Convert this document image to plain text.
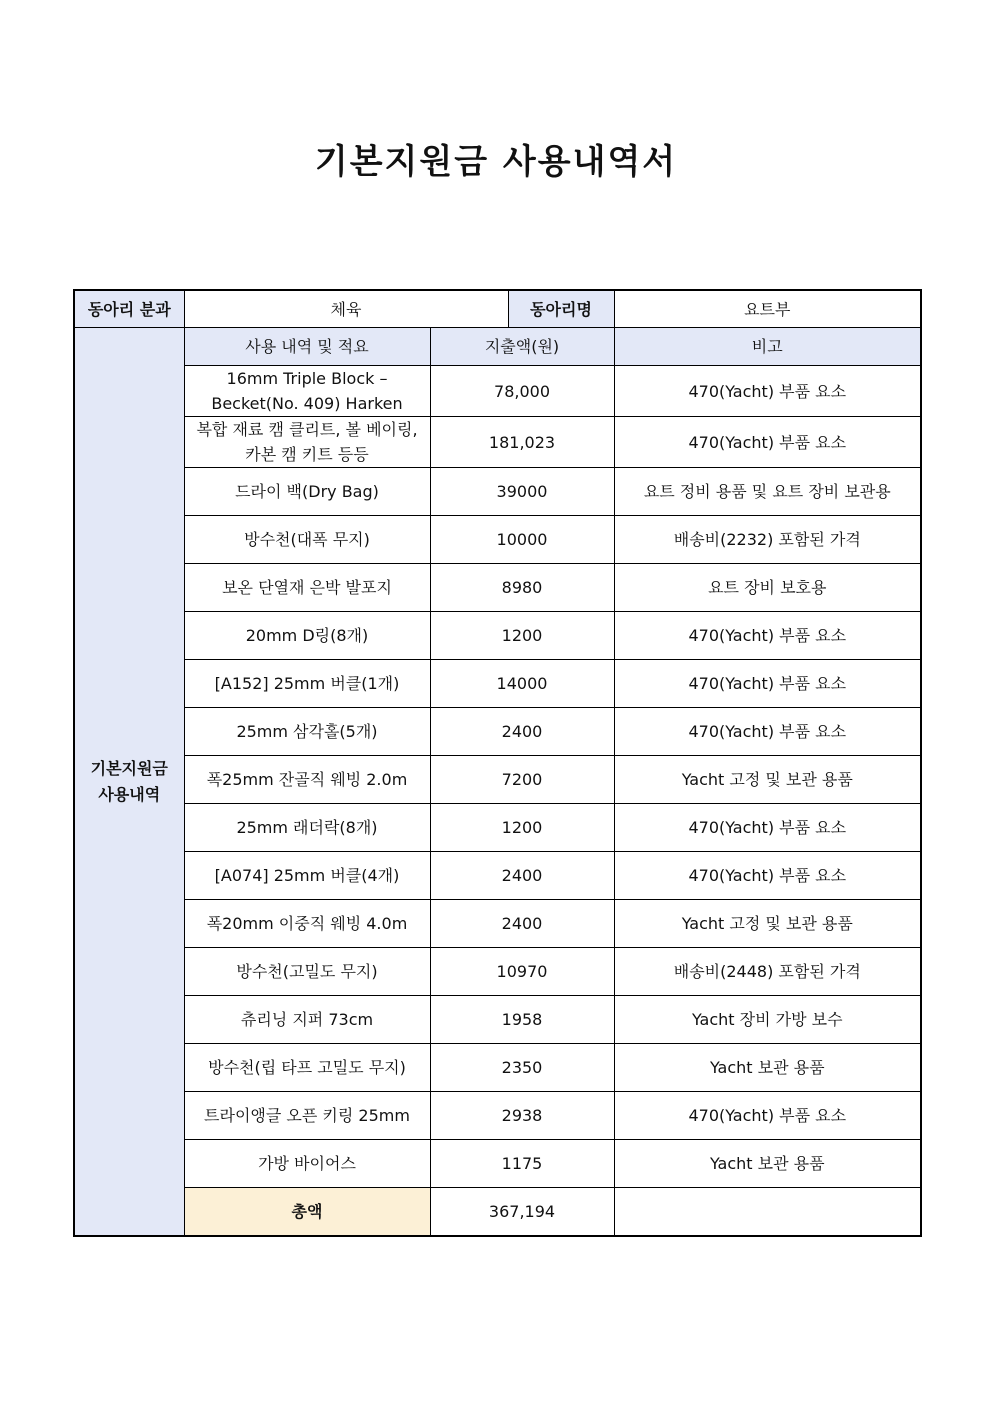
기본지원금 사용내역서
동아리 분과	체육		동아리명	요트부
기본지원금
사용내역	사용 내역 및 적요	지출액(원)		비고
	16mm Triple Block – Becket(No. 409) Harken	78,000		470(Yacht) 부품 요소
	복합 재료 캠 클리트, 볼 베이링, 카본 캠 키트 등등	181,023		470(Yacht) 부품 요소
	드라이 백(Dry Bag)	39000		요트 정비 용품 및 요트 장비 보관용
	방수천(대폭 무지)	10000		배송비(2232) 포함된 가격
	보온 단열재 은박 발포지	8980		요트 장비 보호용
	20mm D링(8개)	1200		470(Yacht) 부품 요소
	[A152] 25mm 버클(1개)	14000		470(Yacht) 부품 요소
	25mm 삼각홀(5개)	2400		470(Yacht) 부품 요소
	폭25mm 잔골직 웨빙 2.0m	7200		Yacht 고정 및 보관 용품
	25mm 래더락(8개)	1200		470(Yacht) 부품 요소
	[A074] 25mm 버클(4개)	2400		470(Yacht) 부품 요소
	폭20mm 이중직 웨빙 4.0m	2400		Yacht 고정 및 보관 용품
	방수천(고밀도 무지)	10970		배송비(2448) 포함된 가격
	츄리닝 지퍼 73cm	1958		Yacht 장비 가방 보수
	방수천(립 타프 고밀도 무지)	2350		Yacht 보관 용품
	트라이앵글 오픈 키링 25mm	2938		470(Yacht) 부품 요소
	가방 바이어스	1175		Yacht 보관 용품
	총액	367,194		
